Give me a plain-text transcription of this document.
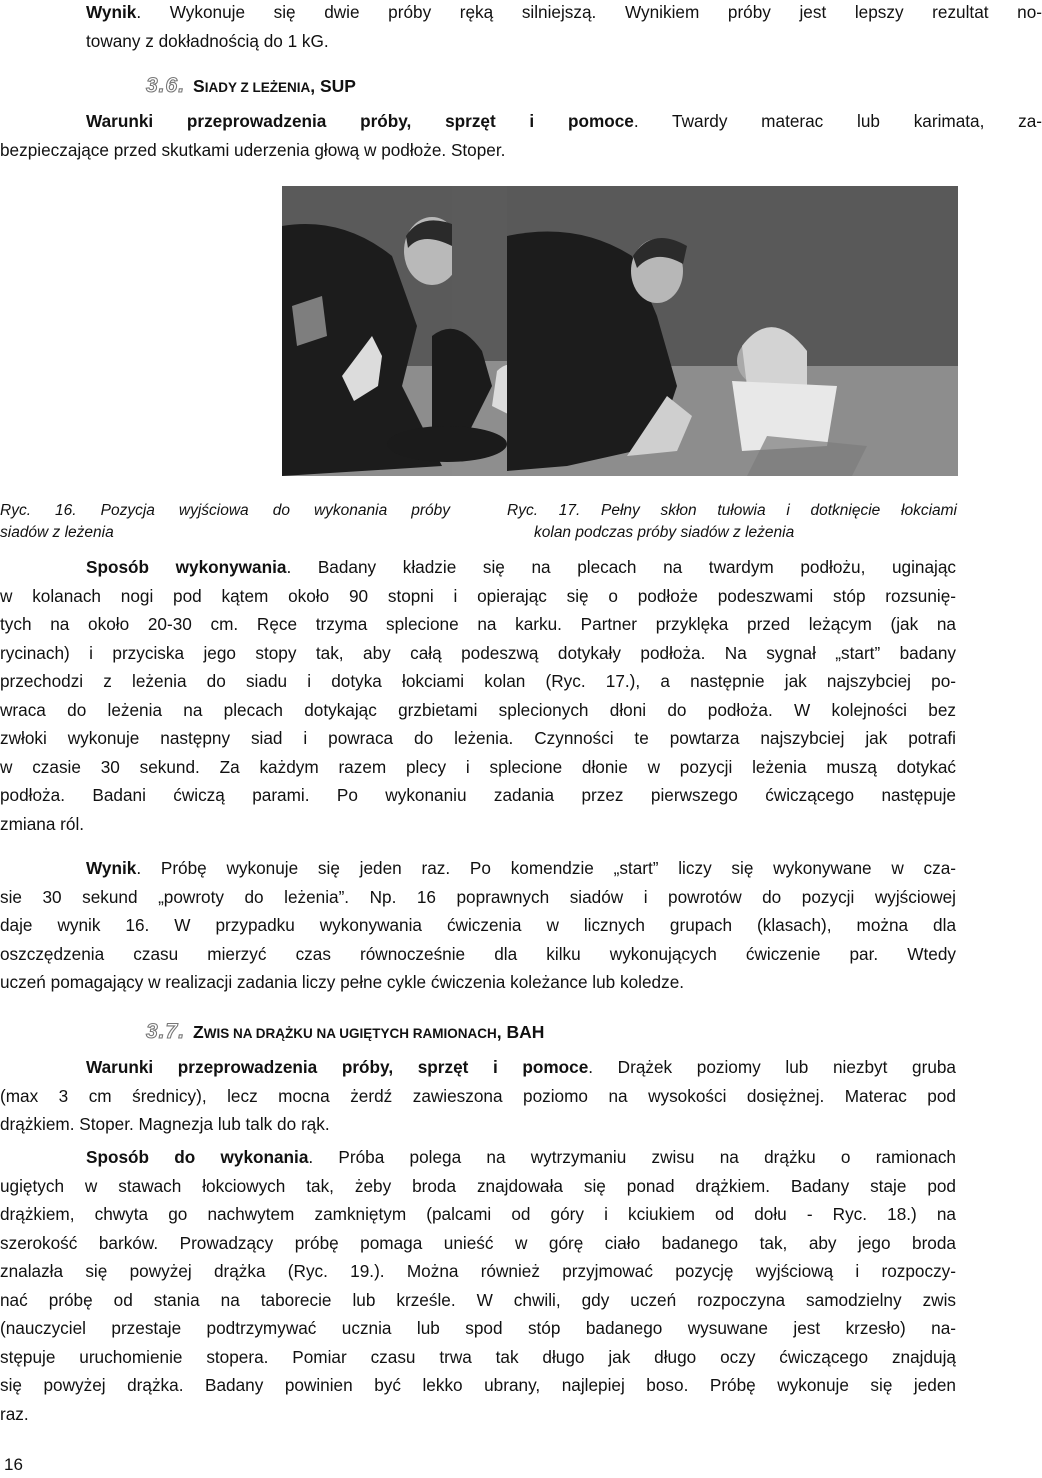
Wynik. Wykonuje się dwie próby ręką silniejszą. Wynikiem próby jest lepszy rezultat no-
towany z dokładnością do 1 kG.
3.6. SIADY Z LEŻENIA, SUP
Warunki przeprowadzenia próby, sprzęt i pomoce. Twardy materac lub karimata, za-
bezpieczające przed skutkami uderzenia głową w podłoże. Stoper.
Ryc. 16. Pozycja wyjściowa do wykonania próby
siadów z leżenia
Ryc. 17. Pełny skłon tułowia i dotknięcie łokciami
kolan podczas próby siadów z leżenia
Sposób wykonywania. Badany kładzie się na plecach na twardym podłożu, uginając
w kolanach nogi pod kątem około 90 stopni i opierając się o podłoże podeszwami stóp rozsunię-
tych na około 20-30 cm. Ręce trzyma splecione na karku. Partner przyklęka przed leżącym (jak na
rycinach) i przyciska jego stopy tak, aby całą podeszwą dotykały podłoża. Na sygnał „start” badany
przechodzi z leżenia do siadu i dotyka łokciami kolan (Ryc. 17.), a następnie jak najszybciej po-
wraca do leżenia na plecach dotykając grzbietami splecionych dłoni do podłoża. W kolejności bez
zwłoki wykonuje następny siad i powraca do leżenia. Czynności te powtarza najszybciej jak potrafi
w czasie 30 sekund. Za każdym razem plecy i splecione dłonie w pozycji leżenia muszą dotykać
podłoża. Badani ćwiczą parami. Po wykonaniu zadania przez pierwszego ćwiczącego następuje
zmiana ról.
Wynik. Próbę wykonuje się jeden raz. Po komendzie „start” liczy się wykonywane w cza-
sie 30 sekund „powroty do leżenia”. Np. 16 poprawnych siadów i powrotów do pozycji wyjściowej
daje wynik 16. W przypadku wykonywania ćwiczenia w licznych grupach (klasach), można dla
oszczędzenia czasu mierzyć czas równocześnie dla kilku wykonujących ćwiczenie par. Wtedy
uczeń pomagający w realizacji zadania liczy pełne cykle ćwiczenia koleżance lub koledze.
3.7. ZWIS NA DRĄŻKU NA UGIĘTYCH RAMIONACH, BAH
Warunki przeprowadzenia próby, sprzęt i pomoce. Drążek poziomy lub niezbyt gruba
(max 3 cm średnicy), lecz mocna żerdź zawieszona poziomo na wysokości dosiężnej. Materac pod
drążkiem. Stoper. Magnezja lub talk do rąk.
Sposób do wykonania. Próba polega na wytrzymaniu zwisu na drążku o ramionach
ugiętych w stawach łokciowych tak, żeby broda znajdowała się ponad drążkiem. Badany staje pod
drążkiem, chwyta go nachwytem zamkniętym (palcami od góry i kciukiem od dołu - Ryc. 18.) na
szerokość barków. Prowadzący próbę pomaga unieść w górę ciało badanego tak, aby jego broda
znalazła się powyżej drążka (Ryc. 19.). Można również przyjmować pozycję wyjściową i rozpoczy-
nać próbę od stania na taborecie lub krześle. W chwili, gdy uczeń rozpoczyna samodzielny zwis
(nauczyciel przestaje podtrzymywać ucznia lub spod stóp badanego wysuwane jest krzesło) na-
stępuje uruchomienie stopera. Pomiar czasu trwa tak długo jak długo oczy ćwiczącego znajdują
się powyżej drążka. Badany powinien być lekko ubrany, najlepiej boso. Próbę wykonuje się jeden
raz.
16
